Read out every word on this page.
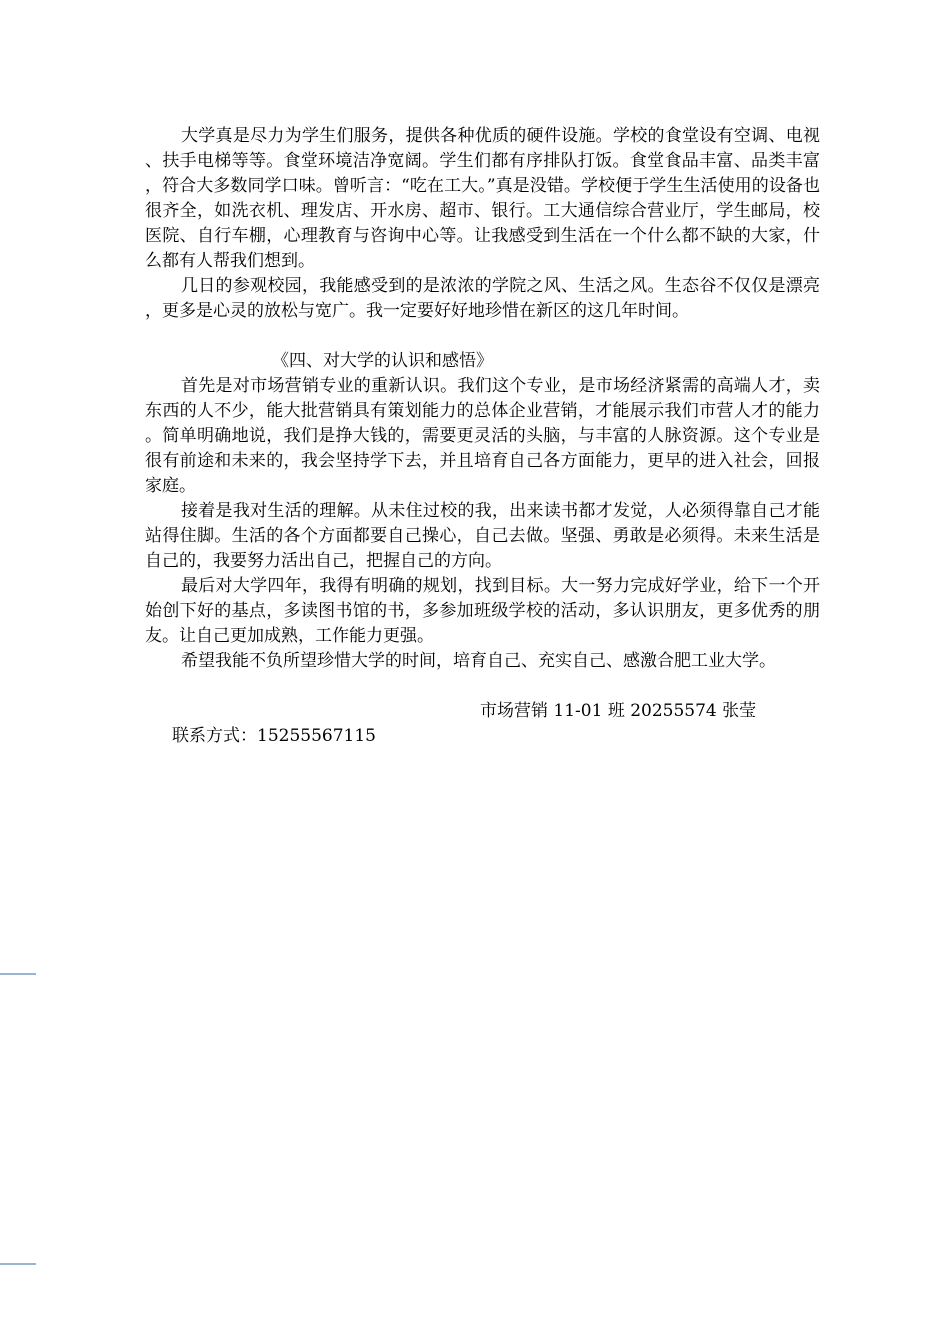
大学真是尽力为学生们服务，提供各种优质的硬件设施。学校的食堂设有空调、电视、扶手电梯等等。食堂环境洁净宽阔。学生们都有序排队打饭。食堂食品丰富、品类丰富，符合大多数同学口味。曾听言：“吃在工大。”真是没错。学校便于学生生活使用的设备也很齐全，如洗衣机、理发店、开水房、超市、银行。工大通信综合营业厅，学生邮局，校医院、自行车棚，心理教育与咨询中心等。让我感受到生活在一个什么都不缺的大家，什么都有人帮我们想到。

几日的参观校园，我能感受到的是浓浓的学院之风、生活之风。生态谷不仅仅是漂亮，更多是心灵的放松与宽广。我一定要好好地珍惜在新区的这几年时间。

《四、对大学的认识和感悟》

首先是对市场营销专业的重新认识。我们这个专业，是市场经济紧需的高端人才，卖东西的人不少，能大批营销具有策划能力的总体企业营销，才能展示我们市营人才的能力。简单明确地说，我们是挣大钱的，需要更灵活的头脑，与丰富的人脉资源。这个专业是很有前途和未来的，我会坚持学下去，并且培育自己各方面能力，更早的进入社会，回报家庭。

接着是我对生活的理解。从未住过校的我，出来读书都才发觉，人必须得靠自己才能站得住脚。生活的各个方面都要自己操心，自己去做。坚强、勇敢是必须得。未来生活是自己的，我要努力活出自己，把握自己的方向。

最后对大学四年，我得有明确的规划，找到目标。大一努力完成好学业，给下一个开始创下好的基点，多读图书馆的书，多参加班级学校的活动，多认识朋友，更多优秀的朋友。让自己更加成熟，工作能力更强。

希望我能不负所望珍惜大学的时间，培育自己、充实自己、感激合肥工业大学。

市场营销 11-01 班 20255574 张莹

联系方式：15255567115
